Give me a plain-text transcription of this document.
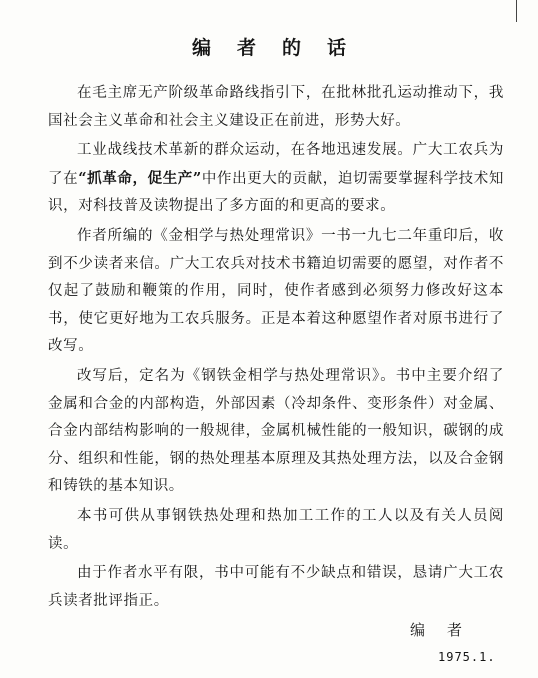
编者的话

在毛主席无产阶级革命路线指引下，在批林批孔运动推动下，我国社会主义革命和社会主义建设正在前进，形势大好。

工业战线技术革新的群众运动，在各地迅速发展。广大工农兵为了在“抓革命，促生产”中作出更大的贡献，迫切需要掌握科学技术知识，对科技普及读物提出了多方面的和更高的要求。

作者所编的《金相学与热处理常识》一书一九七二年重印后，收到不少读者来信。广大工农兵对技术书籍迫切需要的愿望，对作者不仅起了鼓励和鞭策的作用，同时，使作者感到必须努力修改好这本书，使它更好地为工农兵服务。正是本着这种愿望作者对原书进行了改写。

改写后，定名为《钢铁金相学与热处理常识》。书中主要介绍了金属和合金的内部构造，外部因素（冷却条件、变形条件）对金属、合金内部结构影响的一般规律，金属机械性能的一般知识，碳钢的成分、组织和性能，钢的热处理基本原理及其热处理方法，以及合金钢和铸铁的基本知识。

本书可供从事钢铁热处理和热加工工作的工人以及有关人员阅读。

由于作者水平有限，书中可能有不少缺点和错误，恳请广大工农兵读者批评指正。

编者
1975.1.
